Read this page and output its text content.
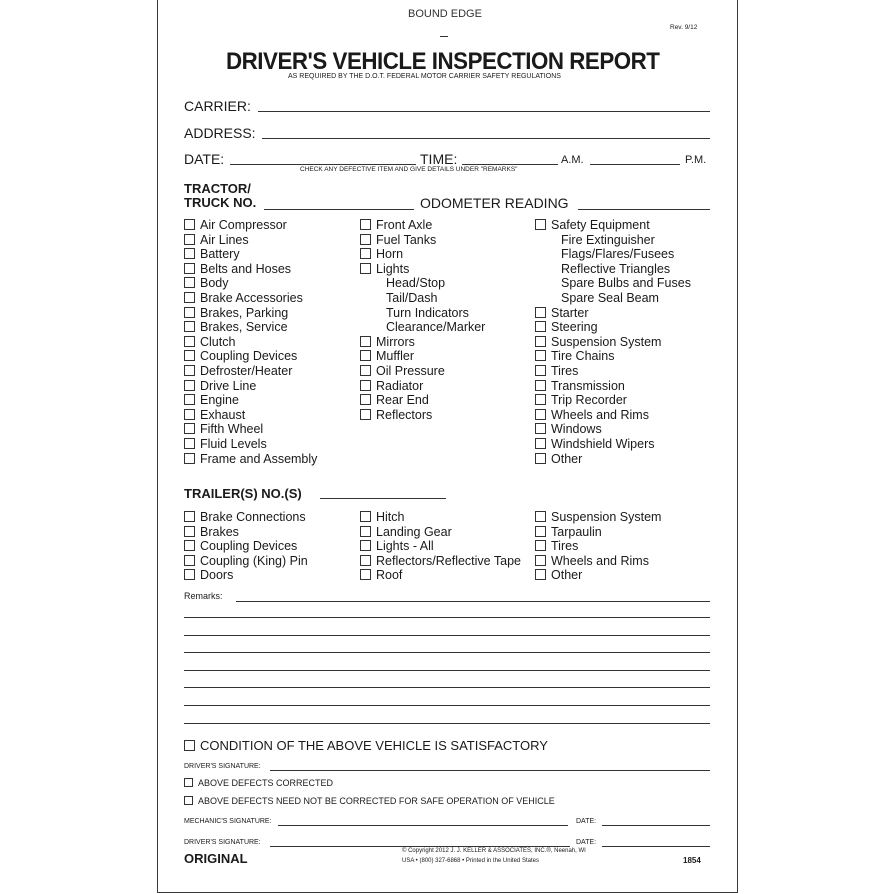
BOUND EDGE
Rev. 9/12
DRIVER'S VEHICLE INSPECTION REPORT
AS REQUIRED BY THE D.O.T. FEDERAL MOTOR CARRIER SAFETY REGULATIONS
CARRIER:
ADDRESS:
DATE:	TIME:	A.M.	P.M.
CHECK ANY DEFECTIVE ITEM AND GIVE DETAILS UNDER "REMARKS"
TRACTOR/
TRUCK NO.	ODOMETER READING
Air Compressor
Air Lines
Battery
Belts and Hoses
Body
Brake Accessories
Brakes, Parking
Brakes, Service
Clutch
Coupling Devices
Defroster/Heater
Drive Line
Engine
Exhaust
Fifth Wheel
Fluid Levels
Frame and Assembly
Front Axle
Fuel Tanks
Horn
Lights
Head/Stop
Tail/Dash
Turn Indicators
Clearance/Marker
Mirrors
Muffler
Oil Pressure
Radiator
Rear End
Reflectors
Safety Equipment
Fire Extinguisher
Flags/Flares/Fusees
Reflective Triangles
Spare Bulbs and Fuses
Spare Seal Beam
Starter
Steering
Suspension System
Tire Chains
Tires
Transmission
Trip Recorder
Wheels and Rims
Windows
Windshield Wipers
Other
TRAILER(S) NO.(S)
Brake Connections
Brakes
Coupling Devices
Coupling (King) Pin
Doors
Hitch
Landing Gear
Lights - All
Reflectors/Reflective Tape
Roof
Suspension System
Tarpaulin
Tires
Wheels and Rims
Other
Remarks:
CONDITION OF THE ABOVE VEHICLE IS SATISFACTORY
DRIVER'S SIGNATURE:
ABOVE DEFECTS CORRECTED
ABOVE DEFECTS NEED NOT BE CORRECTED FOR SAFE OPERATION OF VEHICLE
MECHANIC'S SIGNATURE:	DATE:
DRIVER'S SIGNATURE:	DATE:
ORIGINAL	© Copyright 2012 J. J. KELLER & ASSOCIATES, INC.®, Neenah, WI
USA • (800) 327-6868 • Printed in the United States	1854
